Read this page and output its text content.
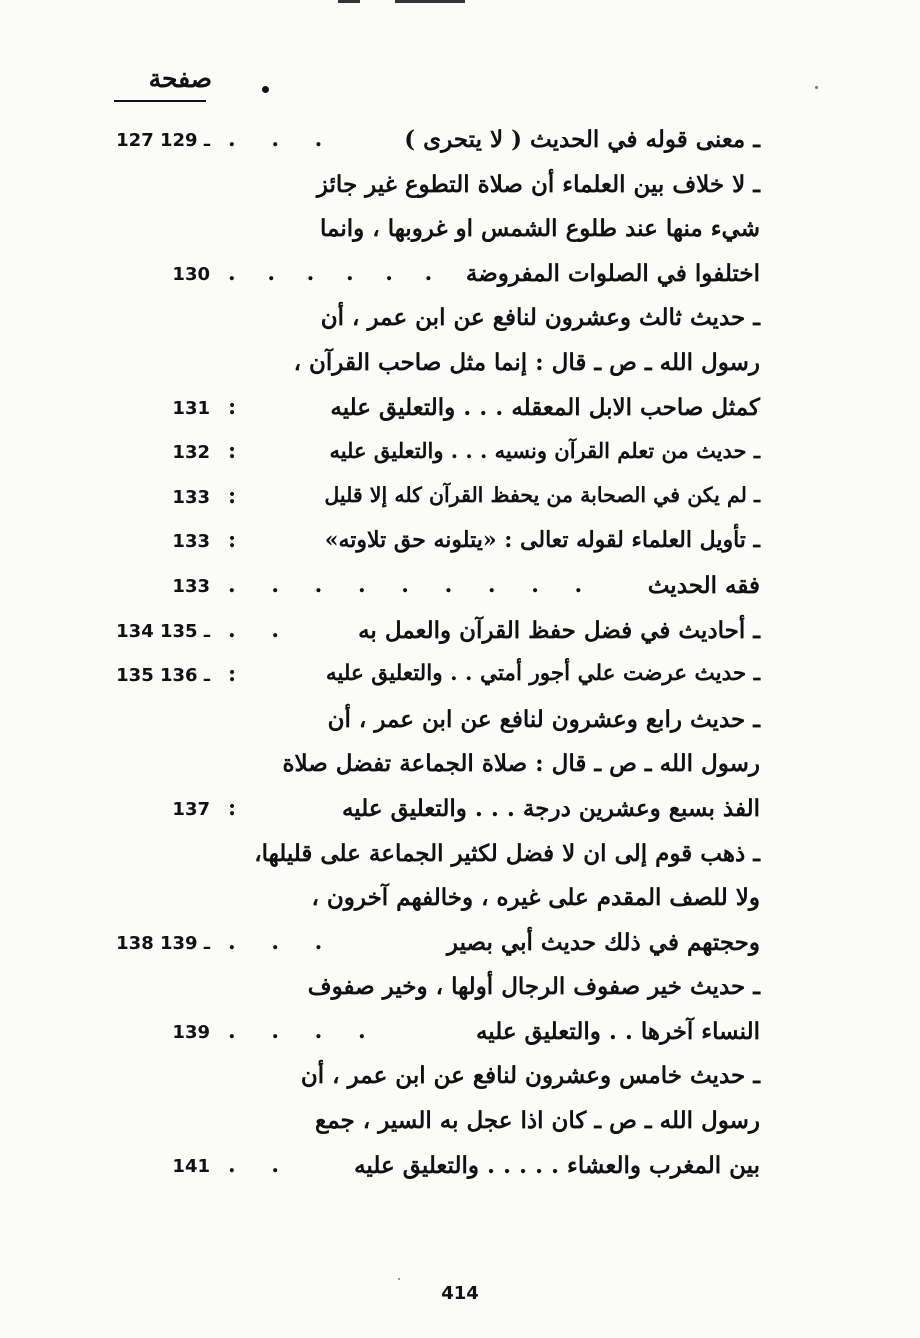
صفحة
ـ معنى قوله في الحديث ( لا يتحرى )
. . .
127 ـ 129
ـ لا خلاف بين العلماء أن صلاة التطوع غير جائز
شيء منها عند طلوع الشمس او غروبها ، وانما
اختلفوا في الصلوات المفروضة
. . . . . .
130
ـ حديث ثالث وعشرون لنافع عن ابن عمر ، أن
رسول الله ـ ص ـ قال : إنما مثل صاحب القرآن ،
كمثل صاحب الابل المعقله . . . والتعليق عليه
:
131
ـ حديث من تعلم القرآن ونسيه . . . والتعليق عليه
:
132
ـ لم يكن في الصحابة من يحفظ القرآن كله إلا قليل
:
133
ـ تأويل العلماء لقوله تعالى : «يتلونه حق تلاوته»
:
133
فقه الحديث
. . . . . . . . .
133
ـ أحاديث في فضل حفظ القرآن والعمل به
. .
134 ـ 135
ـ حديث عرضت علي أجور أمتي . . والتعليق عليه
:
135 ـ 136
ـ حديث رابع وعشرون لنافع عن ابن عمر ، أن
رسول الله ـ ص ـ قال : صلاة الجماعة تفضل صلاة
الفذ بسبع وعشرين درجة . . . والتعليق عليه
:
137
ـ ذهب قوم إلى ان لا فضل لكثير الجماعة على قليلها،
ولا للصف المقدم على غيره ، وخالفهم آخرون ،
وحجتهم في ذلك حديث أبي بصير
. . .
138 ـ 139
ـ حديث خير صفوف الرجال أولها ، وخير صفوف
النساء آخرها . . والتعليق عليه
. . . .
139
ـ حديث خامس وعشرون لنافع عن ابن عمر ، أن
رسول الله ـ ص ـ كان اذا عجل به السير ، جمع
بين المغرب والعشاء . . . . . والتعليق عليه
. .
141
414
